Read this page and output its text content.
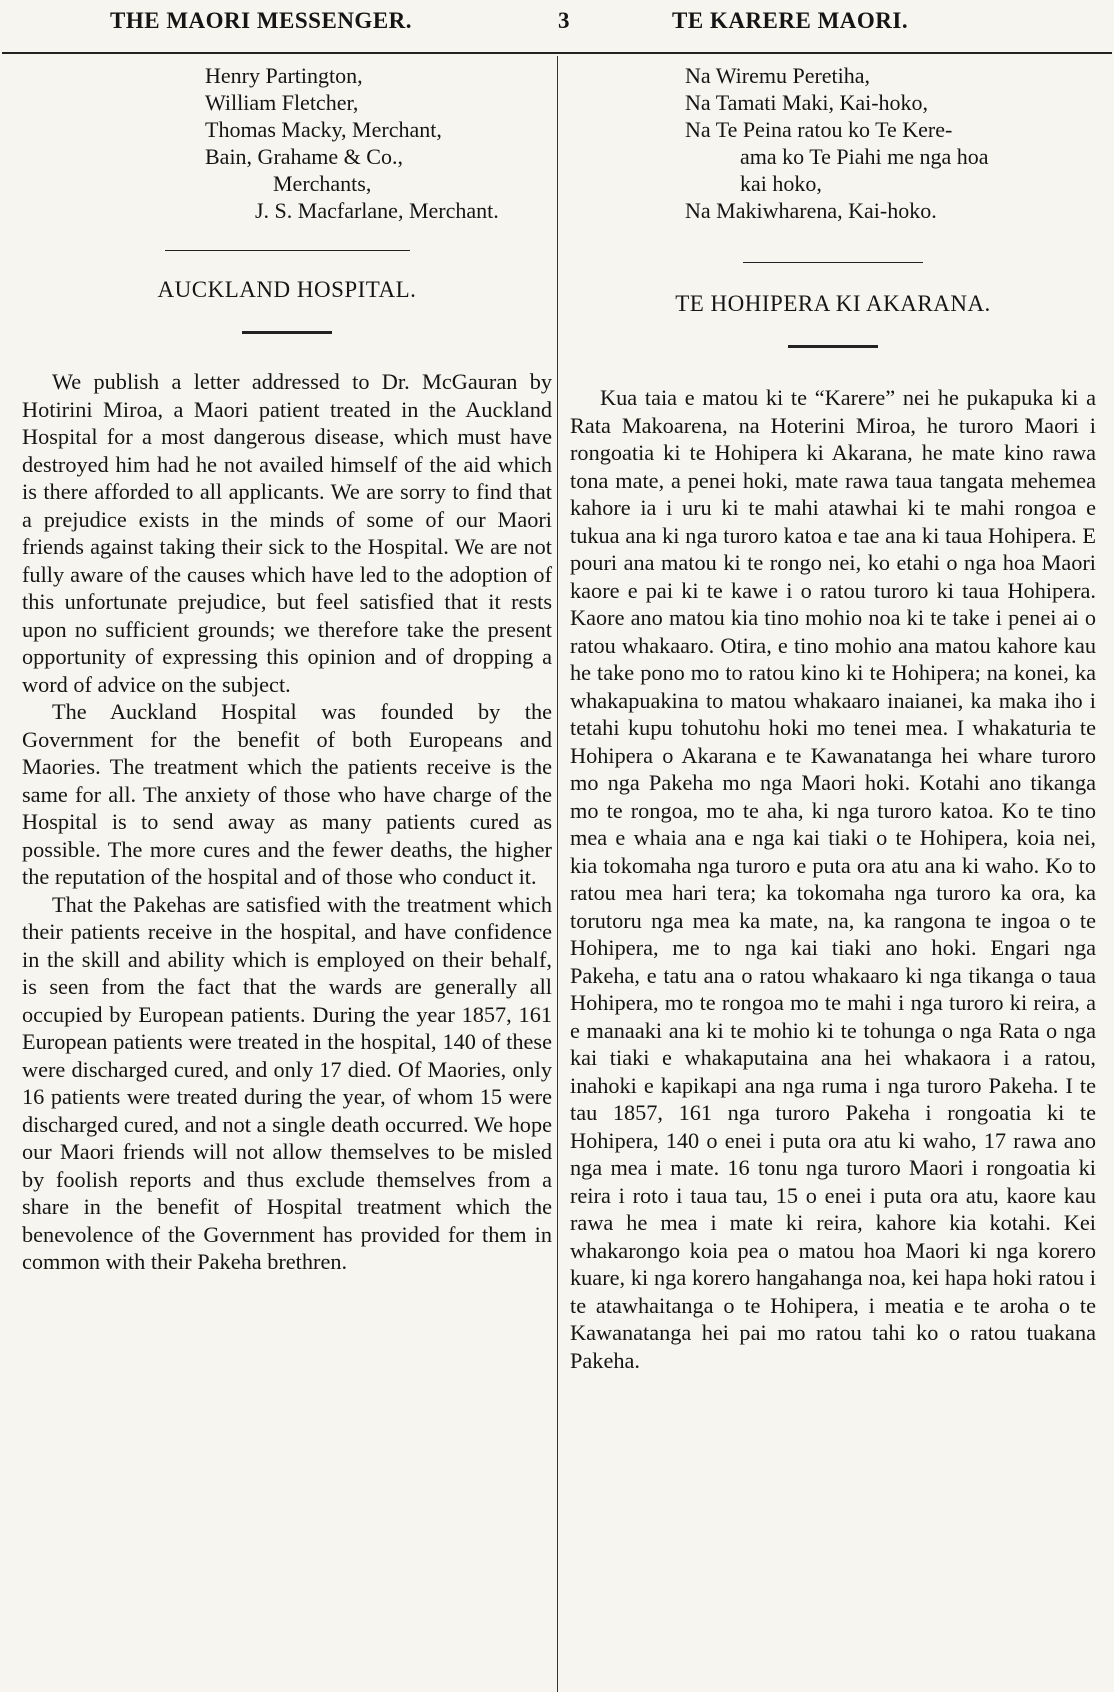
THE MAORI MESSENGER.	3	TE KARERE MAORI.
Henry Partington,
William Fletcher,
Thomas Macky, Merchant,
Bain, Grahame & Co.,
Merchants,
J. S. Macfarlane, Merchant.
AUCKLAND HOSPITAL.

We publish a letter addressed to Dr. McGauran by Hotirini Miroa, a Maori patient treated in the Auckland Hospital for a most dangerous disease, which must have destroyed him had he not availed himself of the aid which is there afforded to all applicants. We are sorry to find that a prejudice exists in the minds of some of our Maori friends against taking their sick to the Hospital. We are not fully aware of the causes which have led to the adoption of this unfortunate prejudice, but feel satisfied that it rests upon no sufficient grounds; we therefore take the present opportunity of expressing this opinion and of dropping a word of advice on the subject.

The Auckland Hospital was founded by the Government for the benefit of both Europeans and Maories. The treatment which the patients receive is the same for all. The anxiety of those who have charge of the Hospital is to send away as many patients cured as possible. The more cures and the fewer deaths, the higher the reputation of the hospital and of those who conduct it.

That the Pakehas are satisfied with the treatment which their patients receive in the hospital, and have confidence in the skill and ability which is employed on their behalf, is seen from the fact that the wards are generally all occupied by European patients. During the year 1857, 161 European patients were treated in the hospital, 140 of these were discharged cured, and only 17 died. Of Maories, only 16 patients were treated during the year, of whom 15 were discharged cured, and not a single death occurred. We hope our Maori friends will not allow themselves to be misled by foolish reports and thus exclude themselves from a share in the benefit of Hospital treatment which the benevolence of the Government has provided for them in common with their Pakeha brethren.

Na Wiremu Peretiha,
Na Tamati Maki, Kai-hoko,
Na Te Peina ratou ko Te Kere-
ama ko Te Piahi me nga hoa
kai hoko,
Na Makiwharena, Kai-hoko.
TE HOHIPERA KI AKARANA.

Kua taia e matou ki te “Karere” nei he pukapuka ki a Rata Makoarena, na Hoterini Miroa, he turoro Maori i rongoatia ki te Hohipera ki Akarana, he mate kino rawa tona mate, a penei hoki, mate rawa taua tangata mehemea kahore ia i uru ki te mahi atawhai ki te mahi rongoa e tukua ana ki nga turoro katoa e tae ana ki taua Hohipera. E pouri ana matou ki te rongo nei, ko etahi o nga hoa Maori kaore e pai ki te kawe i o ratou turoro ki taua Hohipera. Kaore ano matou kia tino mohio noa ki te take i penei ai o ratou whakaaro. Otira, e tino mohio ana matou kahore kau he take pono mo to ratou kino ki te Hohipera; na konei, ka whakapuakina to matou whakaaro inaianei, ka maka iho i tetahi kupu tohutohu hoki mo tenei mea. I whakaturia te Hohipera o Akarana e te Kawanatanga hei whare turoro mo nga Pakeha mo nga Maori hoki. Kotahi ano tikanga mo te rongoa, mo te aha, ki nga turoro katoa. Ko te tino mea e whaia ana e nga kai tiaki o te Hohipera, koia nei, kia tokomaha nga turoro e puta ora atu ana ki waho. Ko to ratou mea hari tera; ka tokomaha nga turoro ka ora, ka torutoru nga mea ka mate, na, ka rangona te ingoa o te Hohipera, me to nga kai tiaki ano hoki. Engari nga Pakeha, e tatu ana o ratou whakaaro ki nga tikanga o taua Hohipera, mo te rongoa mo te mahi i nga turoro ki reira, a e manaaki ana ki te mohio ki te tohunga o nga Rata o nga kai tiaki e whakaputaina ana hei whakaora i a ratou, inahoki e kapikapi ana nga ruma i nga turoro Pakeha. I te tau 1857, 161 nga turoro Pakeha i rongoatia ki te Hohipera, 140 o enei i puta ora atu ki waho, 17 rawa ano nga mea i mate. 16 tonu nga turoro Maori i rongoatia ki reira i roto i taua tau, 15 o enei i puta ora atu, kaore kau rawa he mea i mate ki reira, kahore kia kotahi. Kei whakarongo koia pea o matou hoa Maori ki nga korero kuare, ki nga korero hangahanga noa, kei hapa hoki ratou i te atawhaitanga o te Hohipera, i meatia e te aroha o te Kawanatanga hei pai mo ratou tahi ko o ratou tuakana Pakeha.
